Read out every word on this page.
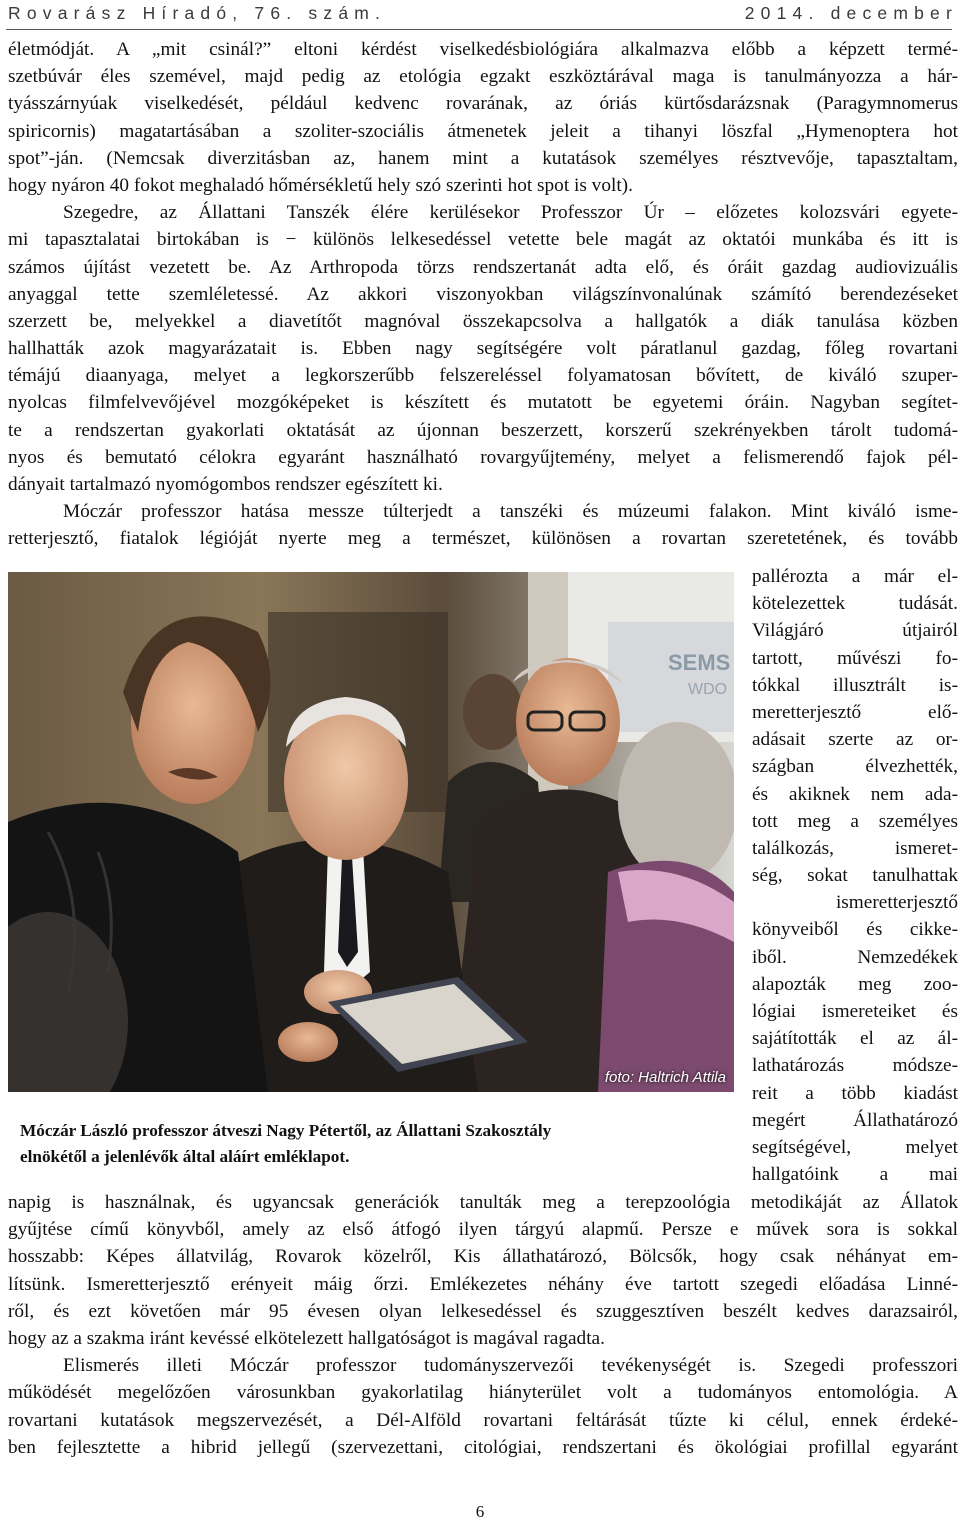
Rovarász Híradó, 76. szám.	2014. december
életmódját. A „mit csinál?” eltoni kérdést viselkedésbiológiára alkalmazva előbb a képzett termé-
szetbúvár éles szemével, majd pedig az etológia egzakt eszköztárával maga is tanulmányozza a hár-
tyásszárnyúak viselkedését, például kedvenc rovarának, az óriás kürtősdarázsnak (Paragymnomerus
spiricornis) magatartásában a szoliter-szociális átmenetek jeleit a tihanyi löszfal „Hymenoptera hot
spot”-ján. (Nemcsak diverzitásban az, hanem mint a kutatások személyes résztvevője, tapasztaltam,
hogy nyáron 40 fokot meghaladó hőmérsékletű hely szó szerinti hot spot is volt).
Szegedre, az Állattani Tanszék élére kerülésekor Professzor Úr – előzetes kolozsvári egyete-
mi tapasztalatai birtokában is − különös lelkesedéssel vetette bele magát az oktatói munkába és itt is
számos újítást vezetett be. Az Arthropoda törzs rendszertanát adta elő, és óráit gazdag audiovizuális
anyaggal tette szemléletessé. Az akkori viszonyokban világszínvonalúnak számító berendezéseket
szerzett be, melyekkel a diavetítőt magnóval összekapcsolva a hallgatók a diák tanulása közben
hallhatták azok magyarázatait is. Ebben nagy segítségére volt páratlanul gazdag, főleg rovartani
témájú diaanyaga, melyet a legkorszerűbb felszereléssel folyamatosan bővített, de kiváló szuper-
nyolcas filmfelvevőjével mozgóképeket is készített és mutatott be egyetemi óráin. Nagyban segítet-
te a rendszertan gyakorlati oktatását az újonnan beszerzett, korszerű szekrényekben tárolt tudomá-
nyos és bemutató célokra egyaránt használható rovargyűjtemény, melyet a felismerendő fajok pél-
dányait tartalmazó nyomógombos rendszer egészített ki.
Móczár professzor hatása messze túlterjedt a tanszéki és múzeumi falakon. Mint kiváló isme-
retterjesztő, fiatalok légióját nyerte meg a természet, különösen a rovartan szeretetének, és tovább
SEMS
WDO
foto: Haltrich Attila
Móczár László professzor átveszi Nagy Pétertől, az Állattani Szakosztály
elnökétől a jelenlévők által aláírt emléklapot.
pallérozta a már el-
kötelezettek tudását.
Világjáró útjairól
tartott, művészi fo-
tókkal illusztrált is-
meretterjesztő elő-
adásait szerte az or-
szágban élvezhették,
és akiknek nem ada-
tott meg a személyes
találkozás, ismeret-
ség, sokat tanulhattak
ismeretterjesztő
könyveiből és cikke-
iből. Nemzedékek
alapozták meg zoo-
lógiai ismereteiket és
sajátították el az ál-
lathatározás módsze-
reit a több kiadást
megért Állathatározó
segítségével, melyet
hallgatóink a mai
napig is használnak, és ugyancsak generációk tanulták meg a terepzoológia metodikáját az Állatok
gyűjtése című könyvből, amely az első átfogó ilyen tárgyú alapmű. Persze e művek sora is sokkal
hosszabb: Képes állatvilág, Rovarok közelről, Kis állathatározó, Bölcsők, hogy csak néhányat em-
lítsünk. Ismeretterjesztő erényeit máig őrzi. Emlékezetes néhány éve tartott szegedi előadása Linné-
ről, és ezt követően már 95 évesen olyan lelkesedéssel és szuggesztíven beszélt kedves darazsairól,
hogy az a szakma iránt kevéssé elkötelezett hallgatóságot is magával ragadta.
Elismerés illeti Móczár professzor tudományszervezői tevékenységét is. Szegedi professzori
működését megelőzően városunkban gyakorlatilag hiányterület volt a tudományos entomológia. A
rovartani kutatások megszervezését, a Dél-Alföld rovartani feltárását tűzte ki célul, ennek érdeké-
ben fejlesztette a hibrid jellegű (szervezettani, citológiai, rendszertani és ökológiai profillal egyaránt
6
